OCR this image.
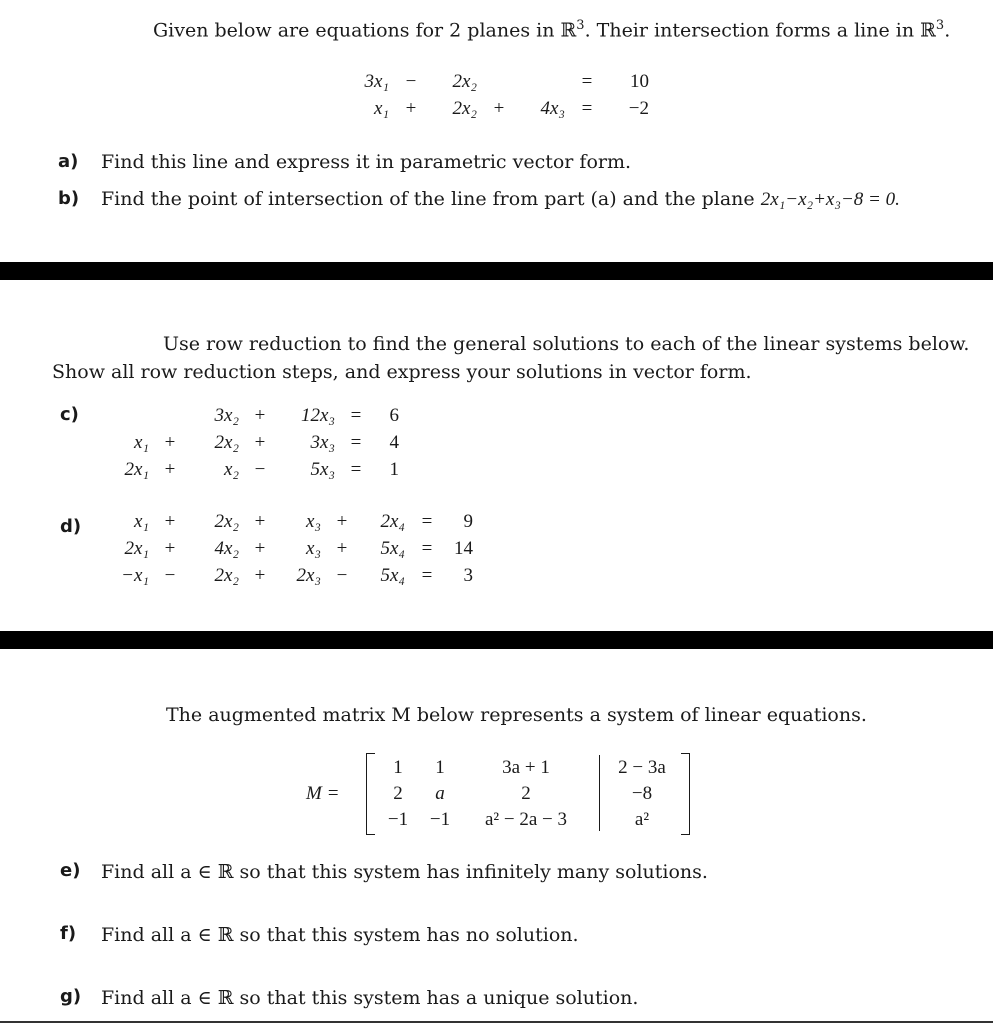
Given below are equations for 2 planes in ℝ$^3$. Their intersection forms a line in ℝ$^3$.
3x₁	−	2x₂			=	10
x₁	+	2x₂	+	4x₃	=	−2
a) Find this line and express it in parametric vector form.
b) Find the point of intersection of the line from part (a) and the plane 2x₁−x₂+x₃−8 = 0.
Use row reduction to find the general solutions to each of the linear systems below.
Show all row reduction steps, and express your solutions in vector form.
c)
			3x₂	+	12x₃	=	6
x₁	+	2x₂	+	3x₃	=	4
2x₁	+	x₂	−	5x₃	=	1
d)	x₁	+	2x₂	+	x₃	+	2x₄	=	9
2x₁	+	4x₂	+	x₃	+	5x₄	=	14
−x₁	−	2x₂	+	2x₃	−	5x₄	=	3
The augmented matrix M below represents a system of linear equations.
M =
1	1	3a + 1		2 − 3a
2	a	2		−8
−1	−1	a² − 2a − 3		a²
e) Find all a ∈ ℝ so that this system has infinitely many solutions.
f) Find all a ∈ ℝ so that this system has no solution.
g) Find all a ∈ ℝ so that this system has a unique solution.
